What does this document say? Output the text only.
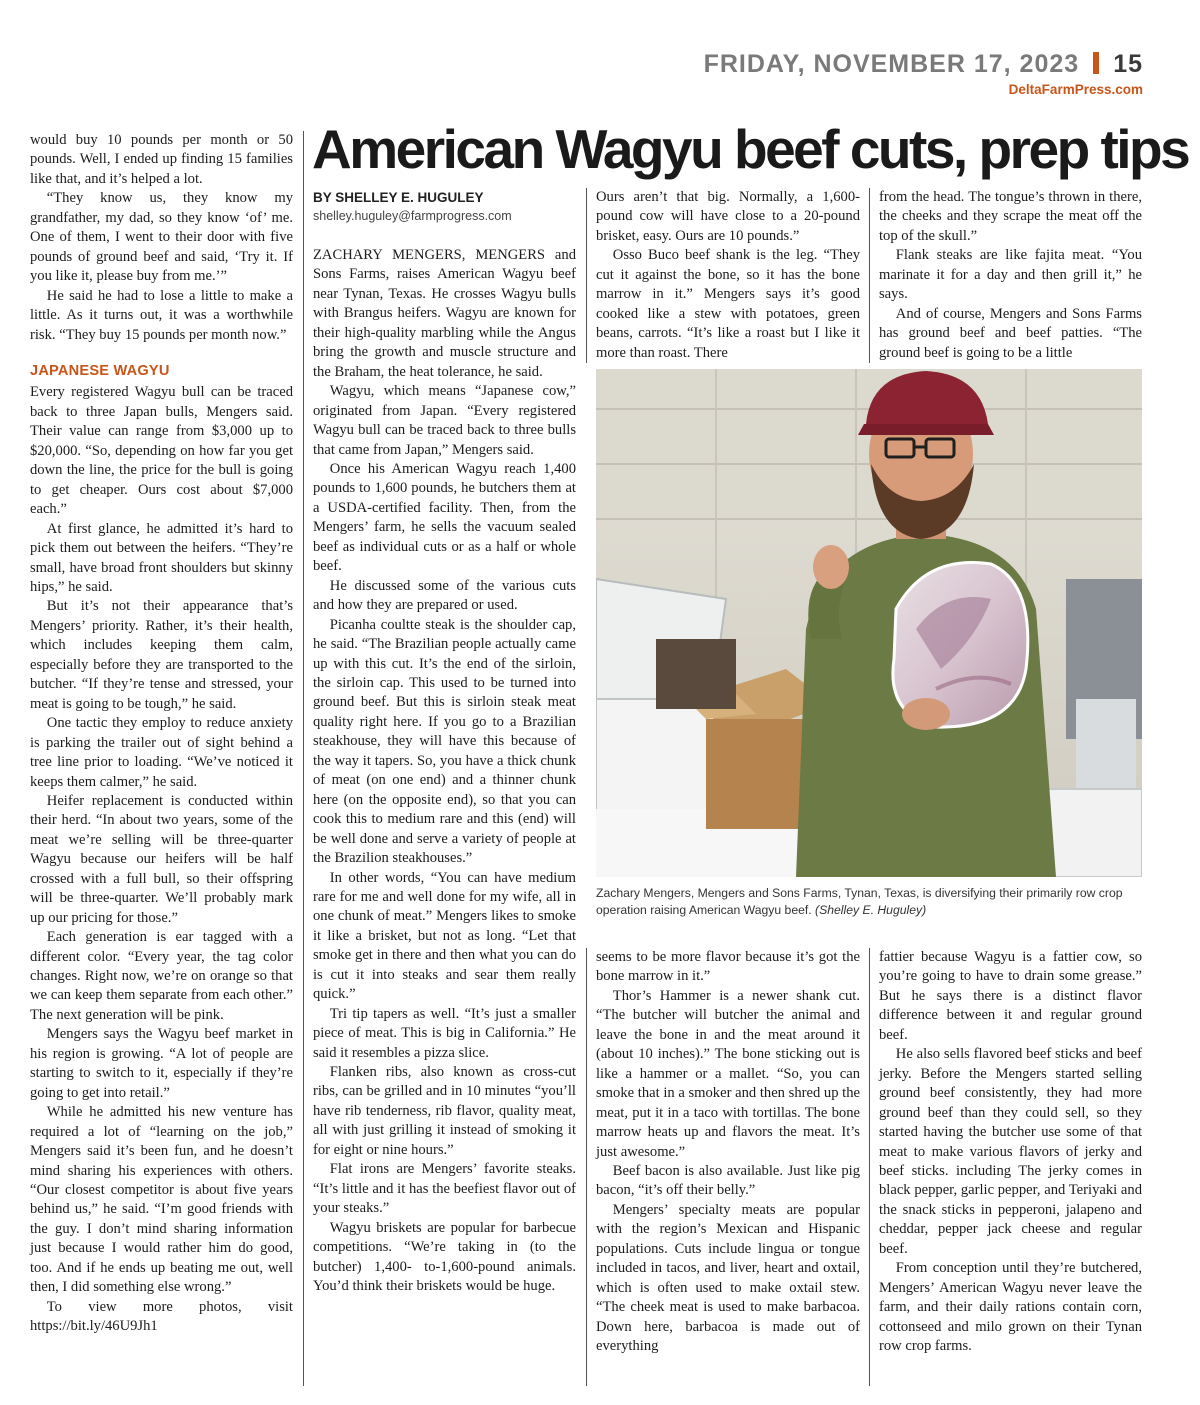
FRIDAY, NOVEMBER 17, 2023 15
DeltaFarmPress.com

would buy 10 pounds per month or 50 pounds. Well, I ended up finding 15 families like that, and it’s helped a lot.

“They know us, they know my grandfather, my dad, so they know ‘of’ me. One of them, I went to their door with five pounds of ground beef and said, ‘Try it. If you like it, please buy from me.’”

He said he had to lose a little to make a little. As it turns out, it was a worthwhile risk. “They buy 15 pounds per month now.”

JAPANESE WAGYU

Every registered Wagyu bull can be traced back to three Japan bulls, Mengers said. Their value can range from $3,000 up to $20,000. “So, depending on how far you get down the line, the price for the bull is going to get cheaper. Ours cost about $7,000 each.”

At first glance, he admitted it’s hard to pick them out between the heifers. “They’re small, have broad front shoulders but skinny hips,” he said.

But it’s not their appearance that’s Mengers’ priority. Rather, it’s their health, which includes keeping them calm, especially before they are transported to the butcher. “If they’re tense and stressed, your meat is going to be tough,” he said.

One tactic they employ to reduce anxiety is parking the trailer out of sight behind a tree line prior to loading. “We’ve noticed it keeps them calmer,” he said.

Heifer replacement is conducted within their herd. “In about two years, some of the meat we’re selling will be three-quarter Wagyu because our heifers will be half crossed with a full bull, so their offspring will be three-quarter. We’ll probably mark up our pricing for those.”

Each generation is ear tagged with a different color. “Every year, the tag color changes. Right now, we’re on orange so that we can keep them separate from each other.” The next generation will be pink.

Mengers says the Wagyu beef market in his region is growing. “A lot of people are starting to switch to it, especially if they’re going to get into retail.”

While he admitted his new venture has required a lot of “learning on the job,” Mengers said it’s been fun, and he doesn’t mind sharing his experiences with others. “Our closest competitor is about five years behind us,” he said. “I’m good friends with the guy. I don’t mind sharing information just because I would rather him do good, too. And if he ends up beating me out, well then, I did something else wrong.”

To view more photos, visit https://bit.ly/46U9Jh1

American Wagyu beef cuts, prep tips
BY SHELLEY E. HUGULEY
shelley.huguley@farmprogress.com

ZACHARY MENGERS, MENGERS and Sons Farms, raises American Wagyu beef near Tynan, Texas. He crosses Wagyu bulls with Brangus heifers. Wagyu are known for their high-quality marbling while the Angus bring the growth and muscle structure and the Braham, the heat tolerance, he said.

Wagyu, which means “Japanese cow,” originated from Japan. “Every registered Wagyu bull can be traced back to three bulls that came from Japan,” Mengers said.

Once his American Wagyu reach 1,400 pounds to 1,600 pounds, he butchers them at a USDA-certified facility. Then, from the Mengers’ farm, he sells the vacuum sealed beef as individual cuts or as a half or whole beef.

He discussed some of the various cuts and how they are prepared or used.

Picanha coultte steak is the shoulder cap, he said. “The Brazilian people actually came up with this cut. It’s the end of the sirloin, the sirloin cap. This used to be turned into ground beef. But this is sirloin steak meat quality right here. If you go to a Brazilian steakhouse, they will have this because of the way it tapers. So, you have a thick chunk of meat (on one end) and a thinner chunk here (on the opposite end), so that you can cook this to medium rare and this (end) will be well done and serve a variety of people at the Brazilion steakhouses.”

In other words, “You can have medium rare for me and well done for my wife, all in one chunk of meat.” Mengers likes to smoke it like a brisket, but not as long. “Let that smoke get in there and then what you can do is cut it into steaks and sear them really quick.”

Tri tip tapers as well. “It’s just a smaller piece of meat. This is big in California.” He said it resembles a pizza slice.

Flanken ribs, also known as cross-cut ribs, can be grilled and in 10 minutes “you’ll have rib tenderness, rib flavor, quality meat, all with just grilling it instead of smoking it for eight or nine hours.”

Flat irons are Mengers’ favorite steaks. “It’s little and it has the beefiest flavor out of your steaks.”

Wagyu briskets are popular for barbecue competitions. “We’re taking in (to the butcher) 1,400- to-1,600-pound animals. You’d think their briskets would be huge.

Ours aren’t that big. Normally, a 1,600-pound cow will have close to a 20-pound brisket, easy. Ours are 10 pounds.”

Osso Buco beef shank is the leg. “They cut it against the bone, so it has the bone marrow in it.” Mengers says it’s good cooked like a stew with potatoes, green beans, carrots. “It’s like a roast but I like it more than roast. There

from the head. The tongue’s thrown in there, the cheeks and they scrape the meat off the top of the skull.”

Flank steaks are like fajita meat. “You marinate it for a day and then grill it,” he says.

And of course, Mengers and Sons Farms has ground beef and beef patties. “The ground beef is going to be a little

Zachary Mengers, Mengers and Sons Farms, Tynan, Texas, is diversifying their primarily row crop operation raising American Wagyu beef. (Shelley E. Huguley)

seems to be more flavor because it’s got the bone marrow in it.”

Thor’s Hammer is a newer shank cut. “The butcher will butcher the animal and leave the bone in and the meat around it (about 10 inches).” The bone sticking out is like a hammer or a mallet. “So, you can smoke that in a smoker and then shred up the meat, put it in a taco with tortillas. The bone marrow heats up and flavors the meat. It’s just awesome.”

Beef bacon is also available. Just like pig bacon, “it’s off their belly.”

Mengers’ specialty meats are popular with the region’s Mexican and Hispanic populations. Cuts include lingua or tongue included in tacos, and liver, heart and oxtail, which is often used to make oxtail stew. “The cheek meat is used to make barbacoa. Down here, barbacoa is made out of everything

fattier because Wagyu is a fattier cow, so you’re going to have to drain some grease.” But he says there is a distinct flavor difference between it and regular ground beef.

He also sells flavored beef sticks and beef jerky. Before the Mengers started selling ground beef consistently, they had more ground beef than they could sell, so they started having the butcher use some of that meat to make various flavors of jerky and beef sticks. including The jerky comes in black pepper, garlic pepper, and Teriyaki and the snack sticks in pepperoni, jalapeno and cheddar, pepper jack cheese and regular beef.

From conception until they’re butchered, Mengers’ American Wagyu never leave the farm, and their daily rations contain corn, cottonseed and milo grown on their Tynan row crop farms.
